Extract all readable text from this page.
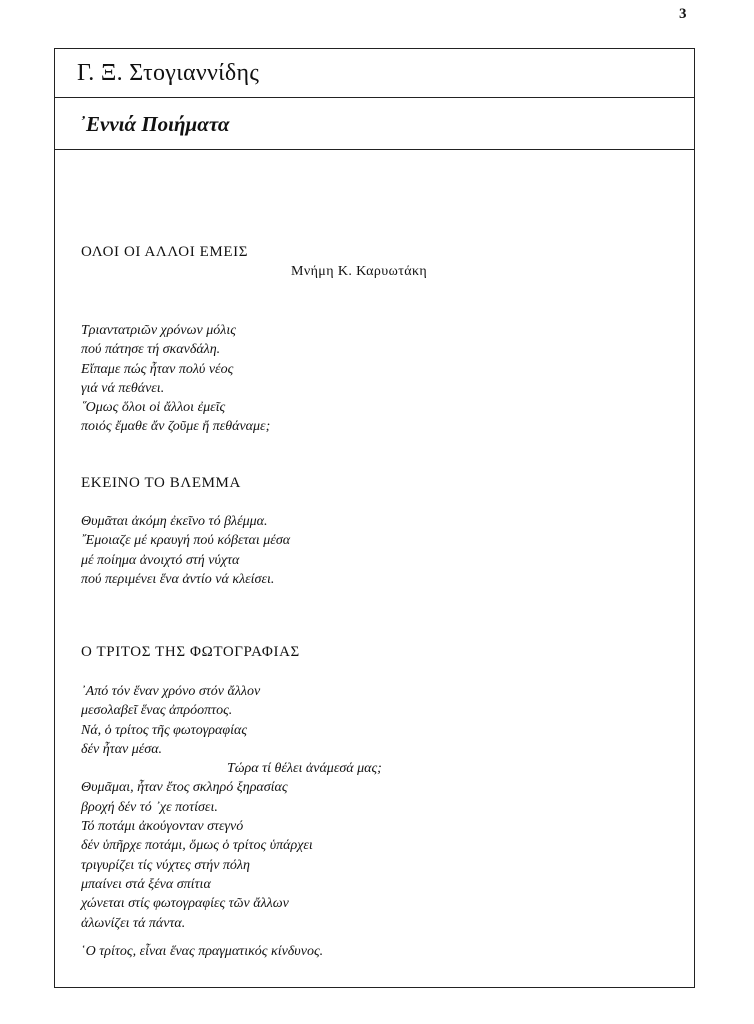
3
Γ. Ξ. Στογιαννίδης
᾿Εννιά Ποιήματα
ΟΛΟΙ ΟΙ ΑΛΛΟΙ ΕΜΕΙΣ
Μνήμη Κ. Καρυωτάκη
Τριαντατριῶν χρόνων μόλις
πού πάτησε τή σκανδάλη.
Εἴπαμε πώς ἦταν πολύ νέος
γιά νά πεθάνει.
῞Ομως ὅλοι οἱ ἄλλοι ἐμεῖς
ποιός ἔμαθε ἄν ζοῦμε ἤ πεθάναμε;
ΕΚΕΙΝΟ ΤΟ ΒΛΕΜΜΑ
Θυμᾶται ἀκόμη ἐκεῖνο τό βλέμμα.
῎Εμοιαζε μέ κραυγή πού κόβεται μέσα
μέ ποίημα ἀνοιχτό στή νύχτα
πού περιμένει ἕνα ἀντίο νά κλείσει.
Ο ΤΡΙΤΟΣ ΤΗΣ ΦΩΤΟΓΡΑΦΙΑΣ
᾿Από τόν ἕναν χρόνο στόν ἄλλον
μεσολαβεῖ ἕνας ἀπρόοπτος.
Νά, ὁ τρίτος τῆς φωτογραφίας
δέν ἦταν μέσα.
Τώρα τί θέλει ἀνάμεσά μας;
Θυμᾶμαι, ἦταν ἔτος σκληρό ξηρασίας
βροχή δέν τό ᾽χε ποτίσει.
Τό ποτάμι ἀκούγονταν στεγνό
δέν ὑπῆρχε ποτάμι, ὅμως ὁ τρίτος ὑπάρχει
τριγυρίζει τίς νύχτες στήν πόλη
μπαίνει στά ξένα σπίτια
χώνεται στίς φωτογραφίες τῶν ἄλλων
ἀλωνίζει τά πάντα.
῾Ο τρίτος, εἶναι ἕνας πραγματικός κίνδυνος.
